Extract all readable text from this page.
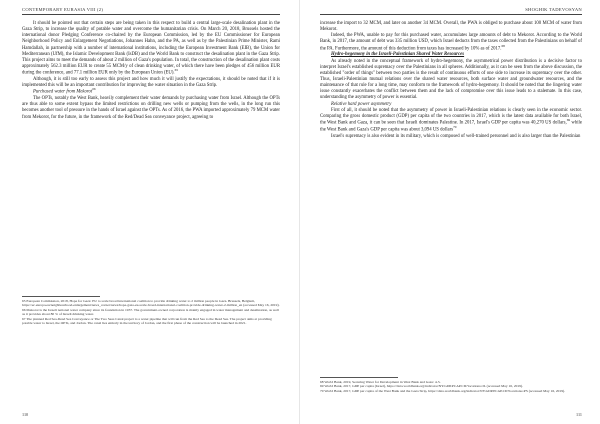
CONTEMPORARY EURASIA VIII (2)

It should be pointed out that certain steps are being taken in this respect to build a central large-scale desalination plant in the Gaza Strip, to increase the quality of potable water and overcome the humanitarian crisis. On March 20, 2018, Brussels hosted the international donor Pledging Conference co-chaired by the European Commission, led by the EU Commissioner for European Neighborhood Policy and Enlargement Negotiations, Johannes Hahn, and the PA, as well as by the Palestinian Prime Minister, Rami Hamdallah, in partnership with a number of international institutions, including the European Investment Bank (EIB), the Union for Mediterranean (UfM), the Islamic Development Bank (IsDB) and the World Bank to construct the desalination plant in the Gaza Strip. This project aims to meet the demands of about 2 million of Gaza's population. In total, the construction of the desalination plant costs approximately 562.3 million EUR to create 55 MCM/y of clean drinking water, of which there have been pledges of 456 million EUR during the conference, and 77.1 million EUR only by the European Union (EU).$^{65}$

Although, it is still too early to assess this project and how much it will justify the expectations, it should be noted that if it is implemented this will be an important contribution for improving the water situation in the Gaza Strip.

Purchased water from Mekorot$^{66}$

The OPTs, notably the West Bank, heavily complement their water demands by purchasing water from Israel. Although the OPTs are thus able to some extent bypass the limited restrictions on drilling new wells or pumping from the wells, in the long run this becomes another tool of pressure in the hands of Israel against the OPTs. As of 2016, the PWA imported approximately 79 MCM water from Mekorot, for the future, in the framework of the Red/Dead Sea conveyance project, agreeing to

65 European Commission, 2018, Hope for Gaza: EU to scale broad international coalition to provide drinking water to 2 million people in Gaza. Brussels, Belgium, https://ec.europa.eu/neighbourhood-enlargement/news_corner/news/hope-gaza-eu-scale-broad-international-coalition-provide-drinking-water-2-million_en (accessed May 16, 2019).
66 Mekorot is the Israeli national water company since its foundation in 1937. The government-owned corporation is mainly engaged in water management and desalination, as well as it provides about 80 % of Israeli drinking water.
67 The planned Red Sea-Dead Sea Conveyance or The Two Seas Canal project is a water pipeline that will run from the Red Sea to the Dead Sea. The project aims at providing potable water to Israel, the OPTs, and Jordan. The canal lies entirely in the territory of Jordan, and the first phase of the construction will be launched in 2021.
110
SHOGHIK TADEVOSYAN

increase the import to 32 MCM, and later on another 34 MCM. Overall, the PWA is obliged to purchase about 100 MCM of water from Mekorot.

Indeed, the PWA, unable to pay for this purchased water, accumulates large amounts of debt to Mekorot. According to the World Bank, in 2017, the amount of debt was 335 million USD, which Israel deducts from the taxes collected from the Palestinians on behalf of the PA. Furthermore, the amount of this deduction from taxes has increased by 10% as of 2017.68

Hydro-hegemony in the Israeli-Palestinian Shared Water Resources

As already noted in the conceptual framework of hydro-hegemony, the asymmetrical power distribution is a decisive factor to interpret Israel's established supremacy over the Palestinians in all spheres. Additionally, as it can be seen from the above discussion, the established "order of things" between two parties is the result of continuous efforts of one side to increase its supremacy over the other. Thus, Israeli-Palestinian mutual relations over the shared water resources, both surface water and groundwater resources, and the maintenance of that rule for a long time, may conform to the framework of hydro-hegemony. It should be noted that the lingering water issue constantly exacerbates the conflict between them and the lack of compromise over this issue leads to a stalemate. In this case, understanding the asymmetry of power is essential.

Relative hard power asymmetry

First of all, it should be noted that the asymmetry of power in Israeli-Palestinian relations is clearly seen in the economic sector. Comparing the gross domestic product (GDP) per capita of the two countries in 2017, which is the latest data available for both Israel, the West Bank and Gaza, it can be seen that Israeli dominates Palestine. In 2017, Israel's GDP per capita was 40,270 US dollars,$^{69}$ while the West Bank and Gaza's GDP per capita was about 3,094 US dollars$^{70}$

Israel's supremacy is also evident in its military, which is composed of well-trained personnel and is also larger than the Palestinian

68 World Bank, 2019, Securing Water for Development in West Bank and Gaza: 4-5.
69 World Bank, 2017, GDP per capita (Israel), https://data.worldbank.org/indicator/NY.GDP.PCAP.CD?locations=IL (accessed May 16, 2019).
70 World Bank, 2017, GDP per capita of the West Bank and the Gaza Strip, https://data.worldbank.org/indicator/NY.GDP.PCAP.CD?locations=PS (accessed May 16, 2019).
111
